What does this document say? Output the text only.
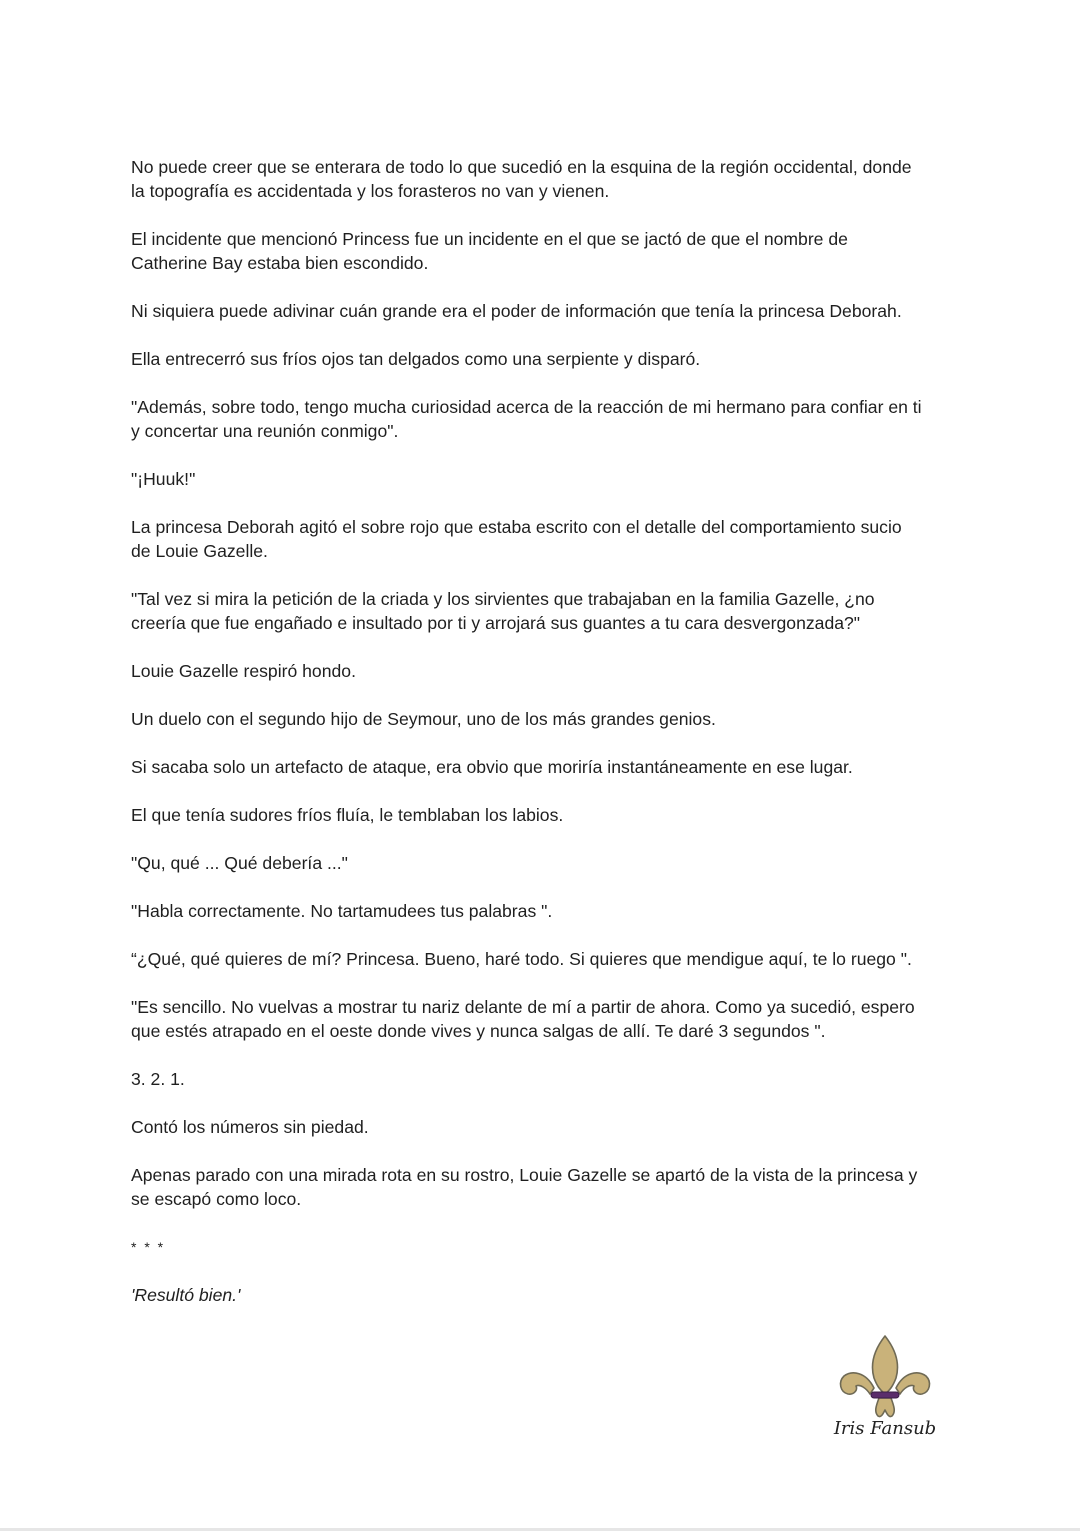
No puede creer que se enterara de todo lo que sucedió en la esquina de la región occidental, donde
la topografía es accidentada y los forasteros no van y vienen.

El incidente que mencionó Princess fue un incidente en el que se jactó de que el nombre de
Catherine Bay estaba bien escondido.

Ni siquiera puede adivinar cuán grande era el poder de información que tenía la princesa Deborah.

Ella entrecerró sus fríos ojos tan delgados como una serpiente y disparó.

"Además, sobre todo, tengo mucha curiosidad acerca de la reacción de mi hermano para confiar en ti
y concertar una reunión conmigo".

"¡Huuk!"

La princesa Deborah agitó el sobre rojo que estaba escrito con el detalle del comportamiento sucio
de Louie Gazelle.

"Tal vez si mira la petición de la criada y los sirvientes que trabajaban en la familia Gazelle, ¿no
creería que fue engañado e insultado por ti y arrojará sus guantes a tu cara desvergonzada?"

Louie Gazelle respiró hondo.

Un duelo con el segundo hijo de Seymour, uno de los más grandes genios.

Si sacaba solo un artefacto de ataque, era obvio que moriría instantáneamente en ese lugar.

El que tenía sudores fríos fluía, le temblaban los labios.

"Qu, qué ... Qué debería ..."

"Habla correctamente. No tartamudees tus palabras ".

“¿Qué, qué quieres de mí? Princesa. Bueno, haré todo. Si quieres que mendigue aquí, te lo ruego ".

"Es sencillo. No vuelvas a mostrar tu nariz delante de mí a partir de ahora. Como ya sucedió, espero
que estés atrapado en el oeste donde vives y nunca salgas de allí. Te daré 3 segundos ".

3. 2. 1.

Contó los números sin piedad.

Apenas parado con una mirada rota en su rostro, Louie Gazelle se apartó de la vista de la princesa y
se escapó como loco.

* * *

'Resultó bien.'

Iris Fansub
